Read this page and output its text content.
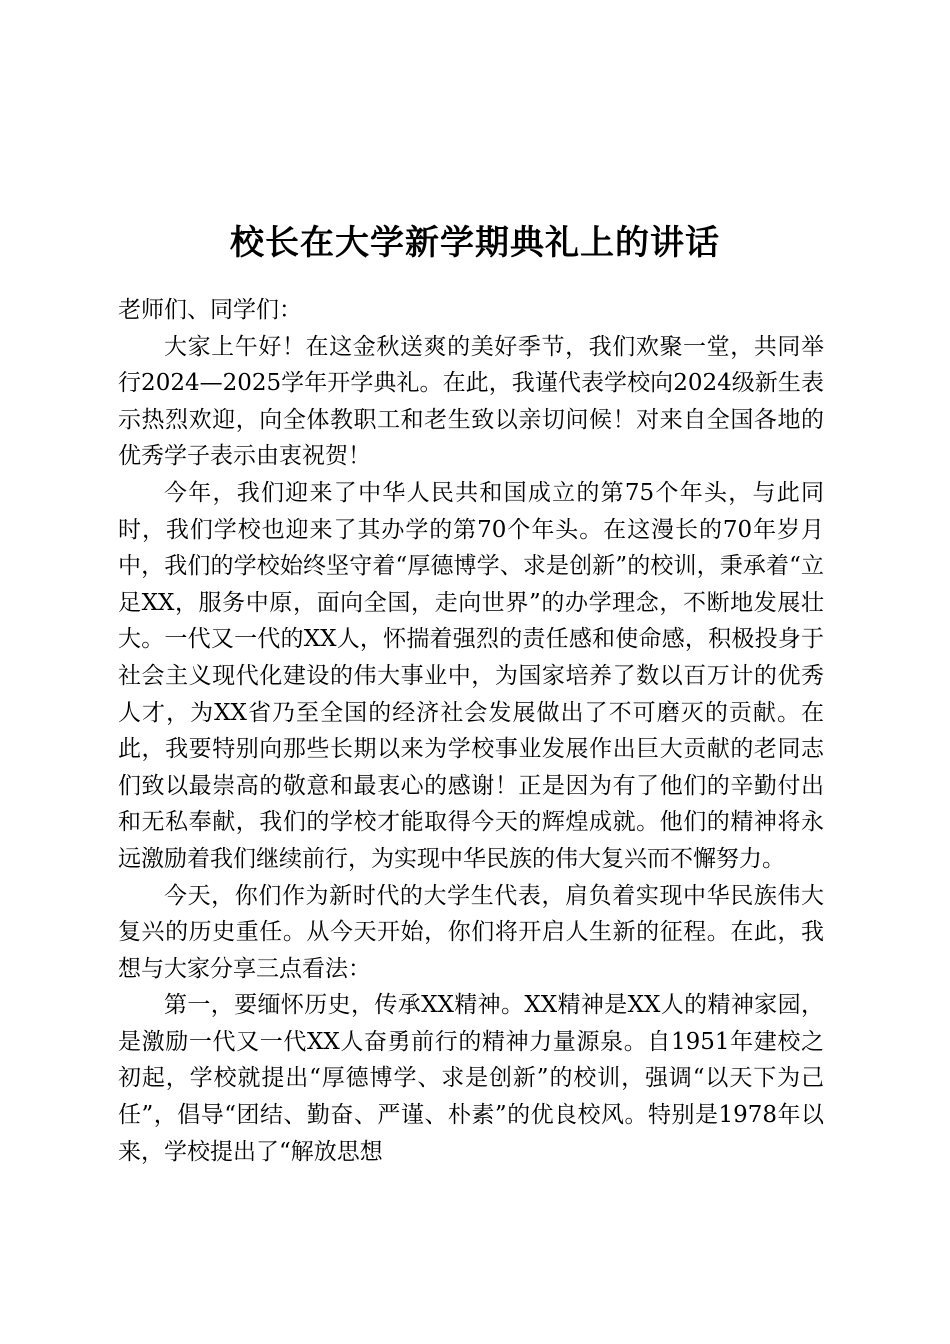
校长在大学新学期典礼上的讲话

老师们、同学们：

大家上午好！在这金秋送爽的美好季节，我们欢聚一堂，共同举行2024—2025学年开学典礼。在此，我谨代表学校向2024级新生表示热烈欢迎，向全体教职工和老生致以亲切问候！对来自全国各地的优秀学子表示由衷祝贺！

今年，我们迎来了中华人民共和国成立的第75个年头，与此同时，我们学校也迎来了其办学的第70个年头。在这漫长的70年岁月中，我们的学校始终坚守着“厚德博学、求是创新”的校训，秉承着“立足XX，服务中原，面向全国，走向世界”的办学理念，不断地发展壮大。一代又一代的XX人，怀揣着强烈的责任感和使命感，积极投身于社会主义现代化建设的伟大事业中，为国家培养了数以百万计的优秀人才，为XX省乃至全国的经济社会发展做出了不可磨灭的贡献。在此，我要特别向那些长期以来为学校事业发展作出巨大贡献的老同志们致以最崇高的敬意和最衷心的感谢！正是因为有了他们的辛勤付出和无私奉献，我们的学校才能取得今天的辉煌成就。他们的精神将永远激励着我们继续前行，为实现中华民族的伟大复兴而不懈努力。

今天，你们作为新时代的大学生代表，肩负着实现中华民族伟大复兴的历史重任。从今天开始，你们将开启人生新的征程。在此，我想与大家分享三点看法：

第一，要缅怀历史，传承XX精神。XX精神是XX人的精神家园，是激励一代又一代XX人奋勇前行的精神力量源泉。自1951年建校之初起，学校就提出“厚德博学、求是创新”的校训，强调“以天下为己任”，倡导“团结、勤奋、严谨、朴素”的优良校风。特别是1978年以来，学校提出了“解放思想
